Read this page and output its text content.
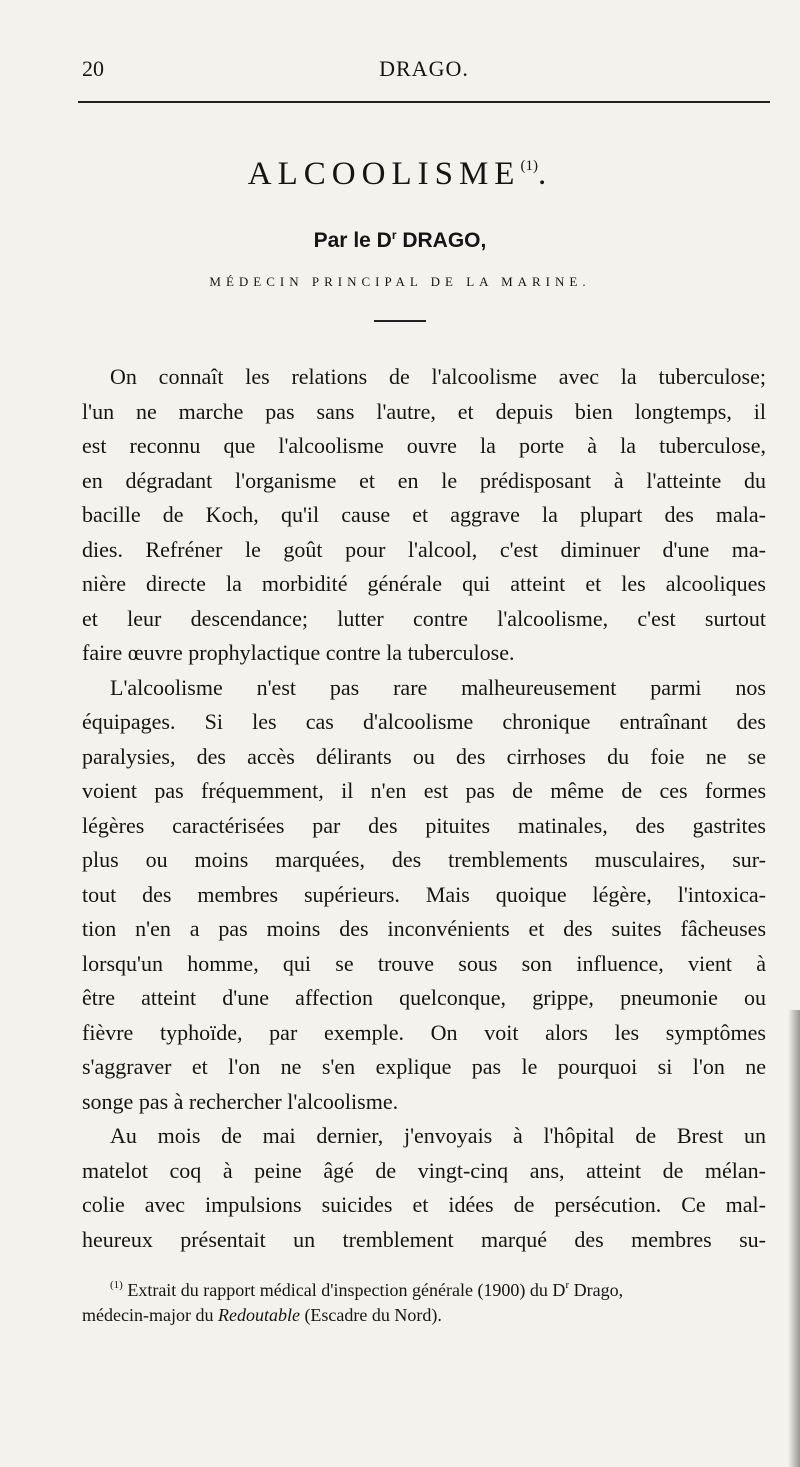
20	DRAGO.
ALCOOLISME$^{(1)}$.
Par le $D^r$ DRAGO,
MÉDECIN PRINCIPAL DE LA MARINE.
On connaît les relations de l'alcoolisme avec la tuberculose;
l'un ne marche pas sans l'autre, et depuis bien longtemps, il
est reconnu que l'alcoolisme ouvre la porte à la tuberculose,
en dégradant l'organisme et en le prédisposant à l'atteinte du
bacille de Koch, qu'il cause et aggrave la plupart des mala-
dies. Refréner le goût pour l'alcool, c'est diminuer d'une ma-
nière directe la morbidité générale qui atteint et les alcooliques
et leur descendance; lutter contre l'alcoolisme, c'est surtout
faire œuvre prophylactique contre la tuberculose.
L'alcoolisme n'est pas rare malheureusement parmi nos
équipages. Si les cas d'alcoolisme chronique entraînant des
paralysies, des accès délirants ou des cirrhoses du foie ne se
voient pas fréquemment, il n'en est pas de même de ces formes
légères caractérisées par des pituites matinales, des gastrites
plus ou moins marquées, des tremblements musculaires, sur-
tout des membres supérieurs. Mais quoique légère, l'intoxica-
tion n'en a pas moins des inconvénients et des suites fâcheuses
lorsqu'un homme, qui se trouve sous son influence, vient à
être atteint d'une affection quelconque, grippe, pneumonie ou
fièvre typhoïde, par exemple. On voit alors les symptômes
s'aggraver et l'on ne s'en explique pas le pourquoi si l'on ne
songe pas à rechercher l'alcoolisme.
Au mois de mai dernier, j'envoyais à l'hôpital de Brest un
matelot coq à peine âgé de vingt-cinq ans, atteint de mélan-
colie avec impulsions suicides et idées de persécution. Ce mal-
heureux présentait un tremblement marqué des membres su-
$^{(1)}$ Extrait du rapport médical d'inspection générale (1900) du $D^r$ Drago,
médecin-major du Redoutable (Escadre du Nord).
